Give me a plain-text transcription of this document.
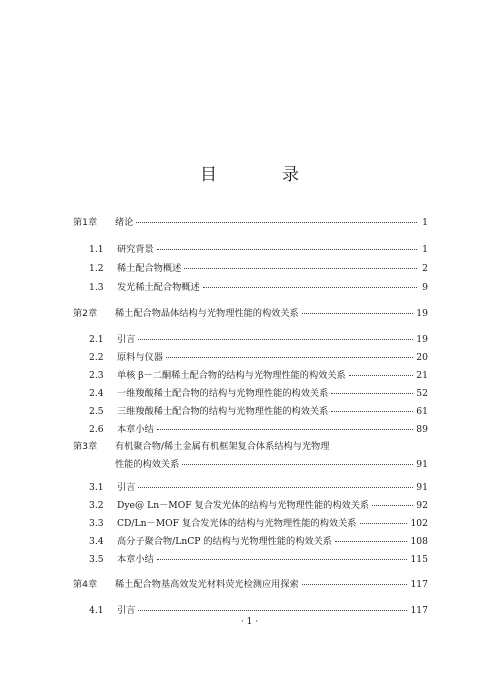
目　录
第1章	绪论	1
1.1	研究背景	1
1.2	稀土配合物概述	2
1.3	发光稀土配合物概述	9
第2章	稀土配合物晶体结构与光物理性能的构效关系	19
2.1	引言	19
2.2	原料与仪器	20
2.3	单核 β－二酮稀土配合物的结构与光物理性能的构效关系	21
2.4	一维羧酸稀土配合物的结构与光物理性能的构效关系	52
2.5	三维羧酸稀土配合物的结构与光物理性能的构效关系	61
2.6	本章小结	89
第3章	有机聚合物/稀土金属有机框架复合体系结构与光物理
性能的构效关系	91
3.1	引言	91
3.2	Dye@ Ln－MOF 复合发光体的结构与光物理性能的构效关系	92
3.3	CD/Ln－MOF 复合发光体的结构与光物理性能的构效关系	102
3.4	高分子聚合物/LnCP 的结构与光物理性能的构效关系	108
3.5	本章小结	115
第4章	稀土配合物基高效发光材料荧光检测应用探索	117
4.1	引言	117
· 1 ·
